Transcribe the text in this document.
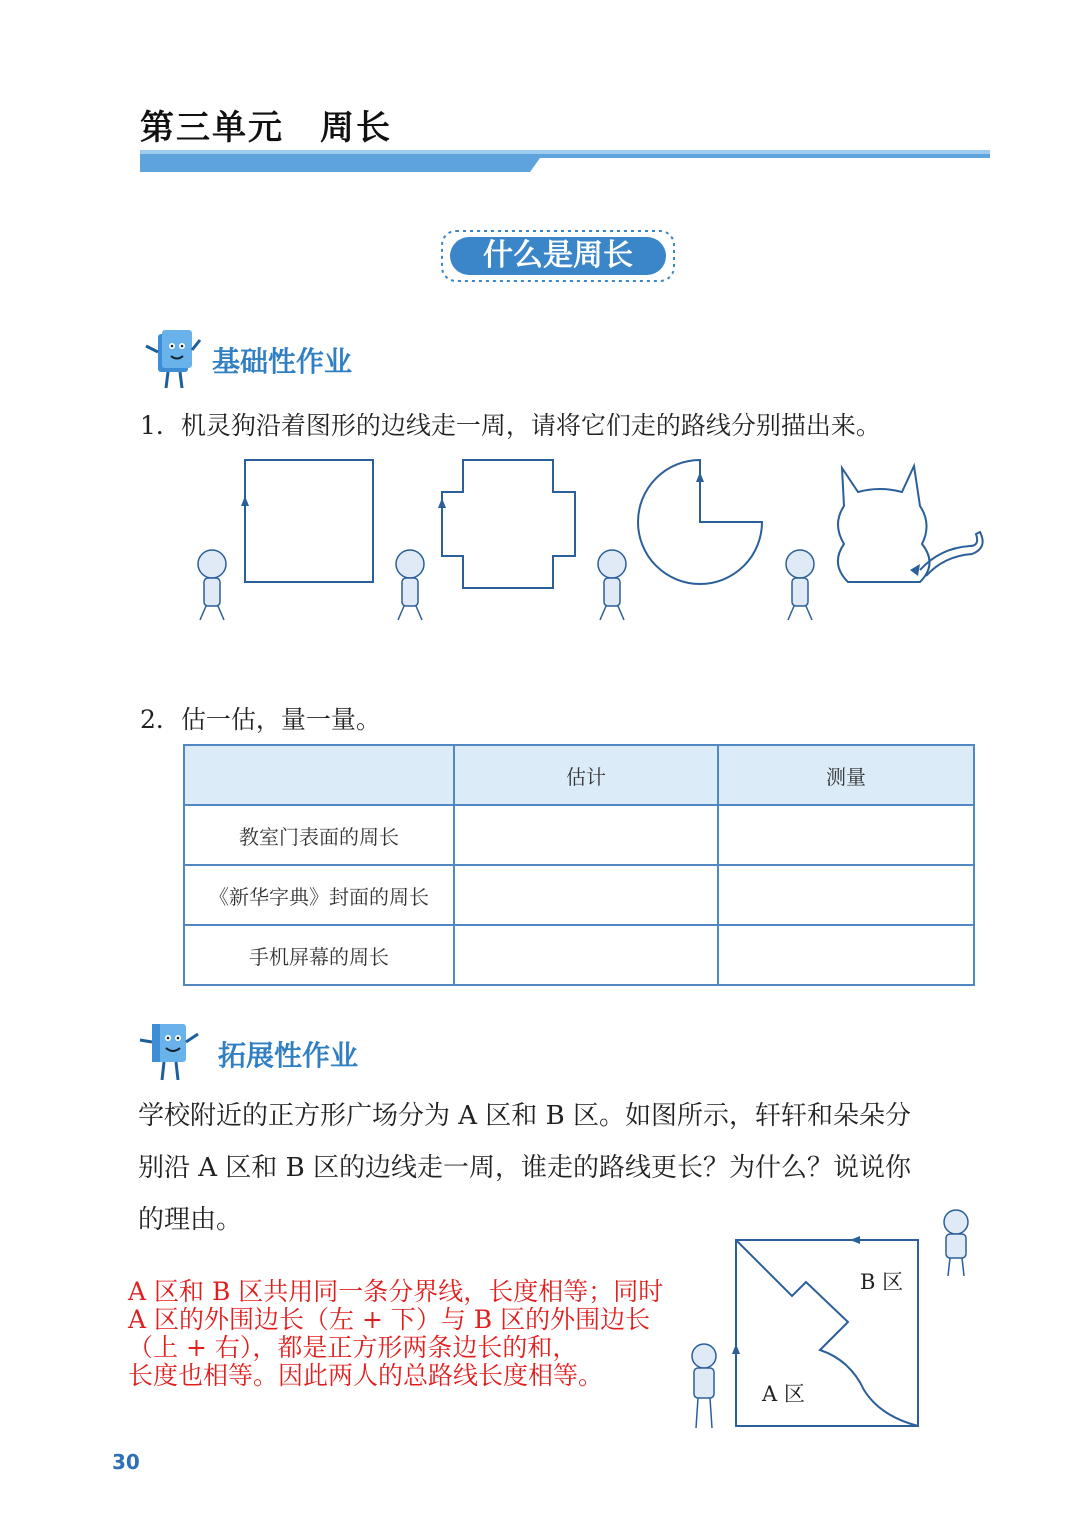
第三单元　周长
什么是周长
基础性作业
1．机灵狗沿着图形的边线走一周，请将它们走的路线分别描出来。
2．估一估，量一量。
	估计	测量
教室门表面的周长		
《新华字典》封面的周长		
手机屏幕的周长		
拓展性作业
学校附近的正方形广场分为 A 区和 B 区。如图所示，轩轩和朵朵分
别沿 A 区和 B 区的边线走一周，谁走的路线更长？为什么？说说你
的理由。
A 区和 B 区共用同一条分界线，长度相等；同时
A 区的外围边长（左 + 下）与 B 区的外围边长
（上 + 右），都是正方形两条边长的和，
长度也相等。因此两人的总路线长度相等。
B 区
A 区
30
